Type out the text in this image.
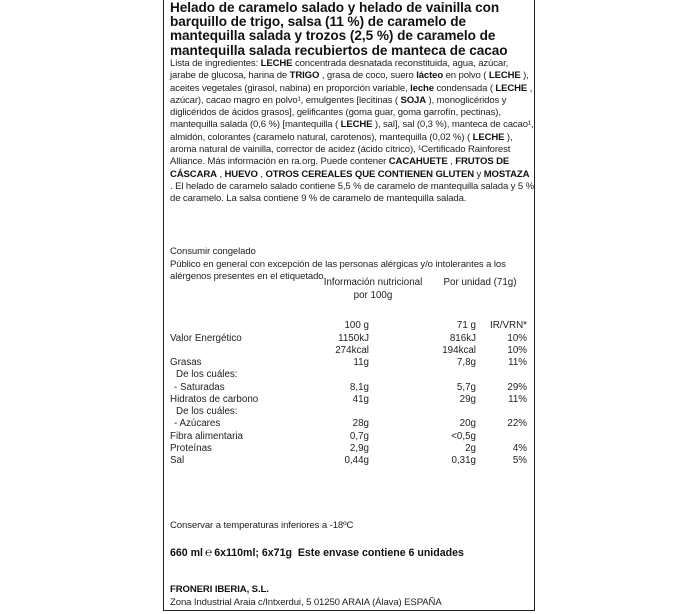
Helado de caramelo salado y helado de vainilla con barquillo de trigo, salsa (11 %) de caramelo de mantequilla salada y trozos (2,5 %) de caramelo de mantequilla salada recubiertos de manteca de cacao
Lista de ingredientes: LECHE concentrada desnatada reconstituida, agua, azúcar, jarabe de glucosa, harina de TRIGO , grasa de coco, suero lácteo en polvo ( LECHE ), aceites vegetales (girasol, nabina) en proporción variable, leche condensada ( LECHE , azúcar), cacao magro en polvo¹, emulgentes [lecitinas ( SOJA ), monoglicéridos y diglicéridos de ácidos grasos], gelificantes (goma guar, goma garrofín, pectinas), mantequilla salada (0,6 %) [mantequilla ( LECHE ), sal], sal (0,3 %), manteca de cacao¹, almidón, colorantes (caramelo natural, carotenos), mantequilla (0,02 %) ( LECHE ), aroma natural de vainilla, corrector de acidez (ácido cítrico), ¹Certificado Rainforest Alliance. Más información en ra.org. Puede contener CACAHUETE , FRUTOS DE CÁSCARA , HUEVO , OTROS CEREALES QUE CONTIENEN GLUTEN y MOSTAZA . El helado de caramelo salado contiene 5,5 % de caramelo de mantequilla salada y 5 % de caramelo. La salsa contiene 9 % de caramelo de mantequilla salada.
Consumir congelado
Público en general con excepción de las personas alérgicas y/o intolerantes a los alérgenos presentes en el etiquetado.
Información nutricional por 100g
Por unidad (71g)
100 g	71 g IR/VRN*
Valor Energético	1150kJ	816kJ	10%
274kcal	194kcal	10%
Grasas	11g	7,8g	11%
De los cuáles:
- Saturadas	8,1g	5,7g	29%
Hidratos de carbono	41g	29g	11%
De los cuáles:
- Azúcares	28g	20g	22%
Fibra alimentaria	0,7g	<0,5g
Proteínas	2,9g	2g	4%
Sal	0,44g	0,31g	5%
Conservar a temperaturas inferiores a -18ºC
660 ml ℮ 6x110ml; 6x71g Este envase contiene 6 unidades
FRONERI IBERIA, S.L.
Zona Industrial Araia c/Intxerdui, 5 01250 ARAIA (Álava) ESPAÑA
